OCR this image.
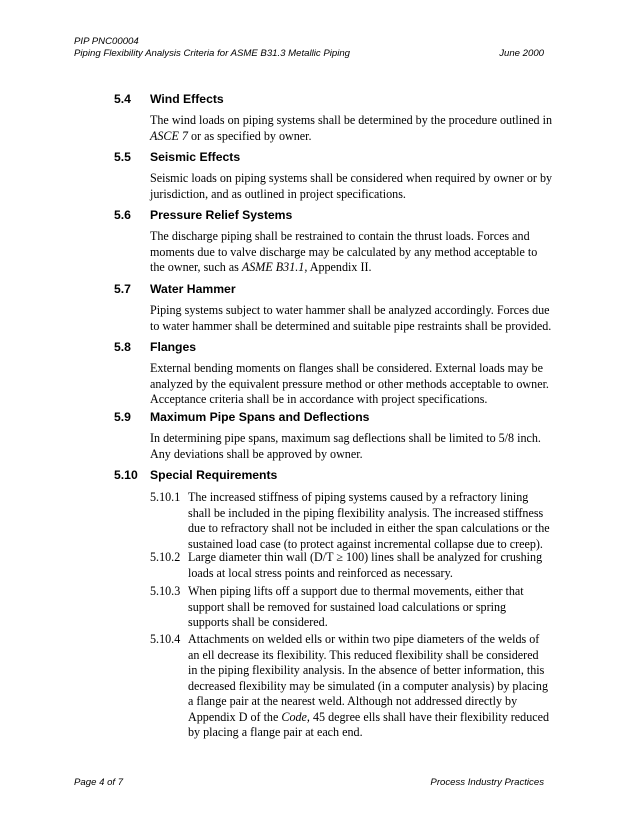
PIP PNC00004
Piping Flexibility Analysis Criteria for ASME B31.3 Metallic Piping	June 2000
5.4	Wind Effects
The wind loads on piping systems shall be determined by the procedure outlined in ASCE 7 or as specified by owner.
5.5	Seismic Effects
Seismic loads on piping systems shall be considered when required by owner or by jurisdiction, and as outlined in project specifications.
5.6	Pressure Relief Systems
The discharge piping shall be restrained to contain the thrust loads. Forces and moments due to valve discharge may be calculated by any method acceptable to the owner, such as ASME B31.1, Appendix II.
5.7	Water Hammer
Piping systems subject to water hammer shall be analyzed accordingly. Forces due to water hammer shall be determined and suitable pipe restraints shall be provided.
5.8	Flanges
External bending moments on flanges shall be considered. External loads may be analyzed by the equivalent pressure method or other methods acceptable to owner. Acceptance criteria shall be in accordance with project specifications.
5.9	Maximum Pipe Spans and Deflections
In determining pipe spans, maximum sag deflections shall be limited to 5/8 inch. Any deviations shall be approved by owner.
5.10	Special Requirements
5.10.1 The increased stiffness of piping systems caused by a refractory lining shall be included in the piping flexibility analysis. The increased stiffness due to refractory shall not be included in either the span calculations or the sustained load case (to protect against incremental collapse due to creep).
5.10.2 Large diameter thin wall (D/T ≥ 100) lines shall be analyzed for crushing loads at local stress points and reinforced as necessary.
5.10.3 When piping lifts off a support due to thermal movements, either that support shall be removed for sustained load calculations or spring supports shall be considered.
5.10.4 Attachments on welded ells or within two pipe diameters of the welds of an ell decrease its flexibility. This reduced flexibility shall be considered in the piping flexibility analysis. In the absence of better information, this decreased flexibility may be simulated (in a computer analysis) by placing a flange pair at the nearest weld. Although not addressed directly by Appendix D of the Code, 45 degree ells shall have their flexibility reduced by placing a flange pair at each end.
Page 4 of 7	Process Industry Practices
